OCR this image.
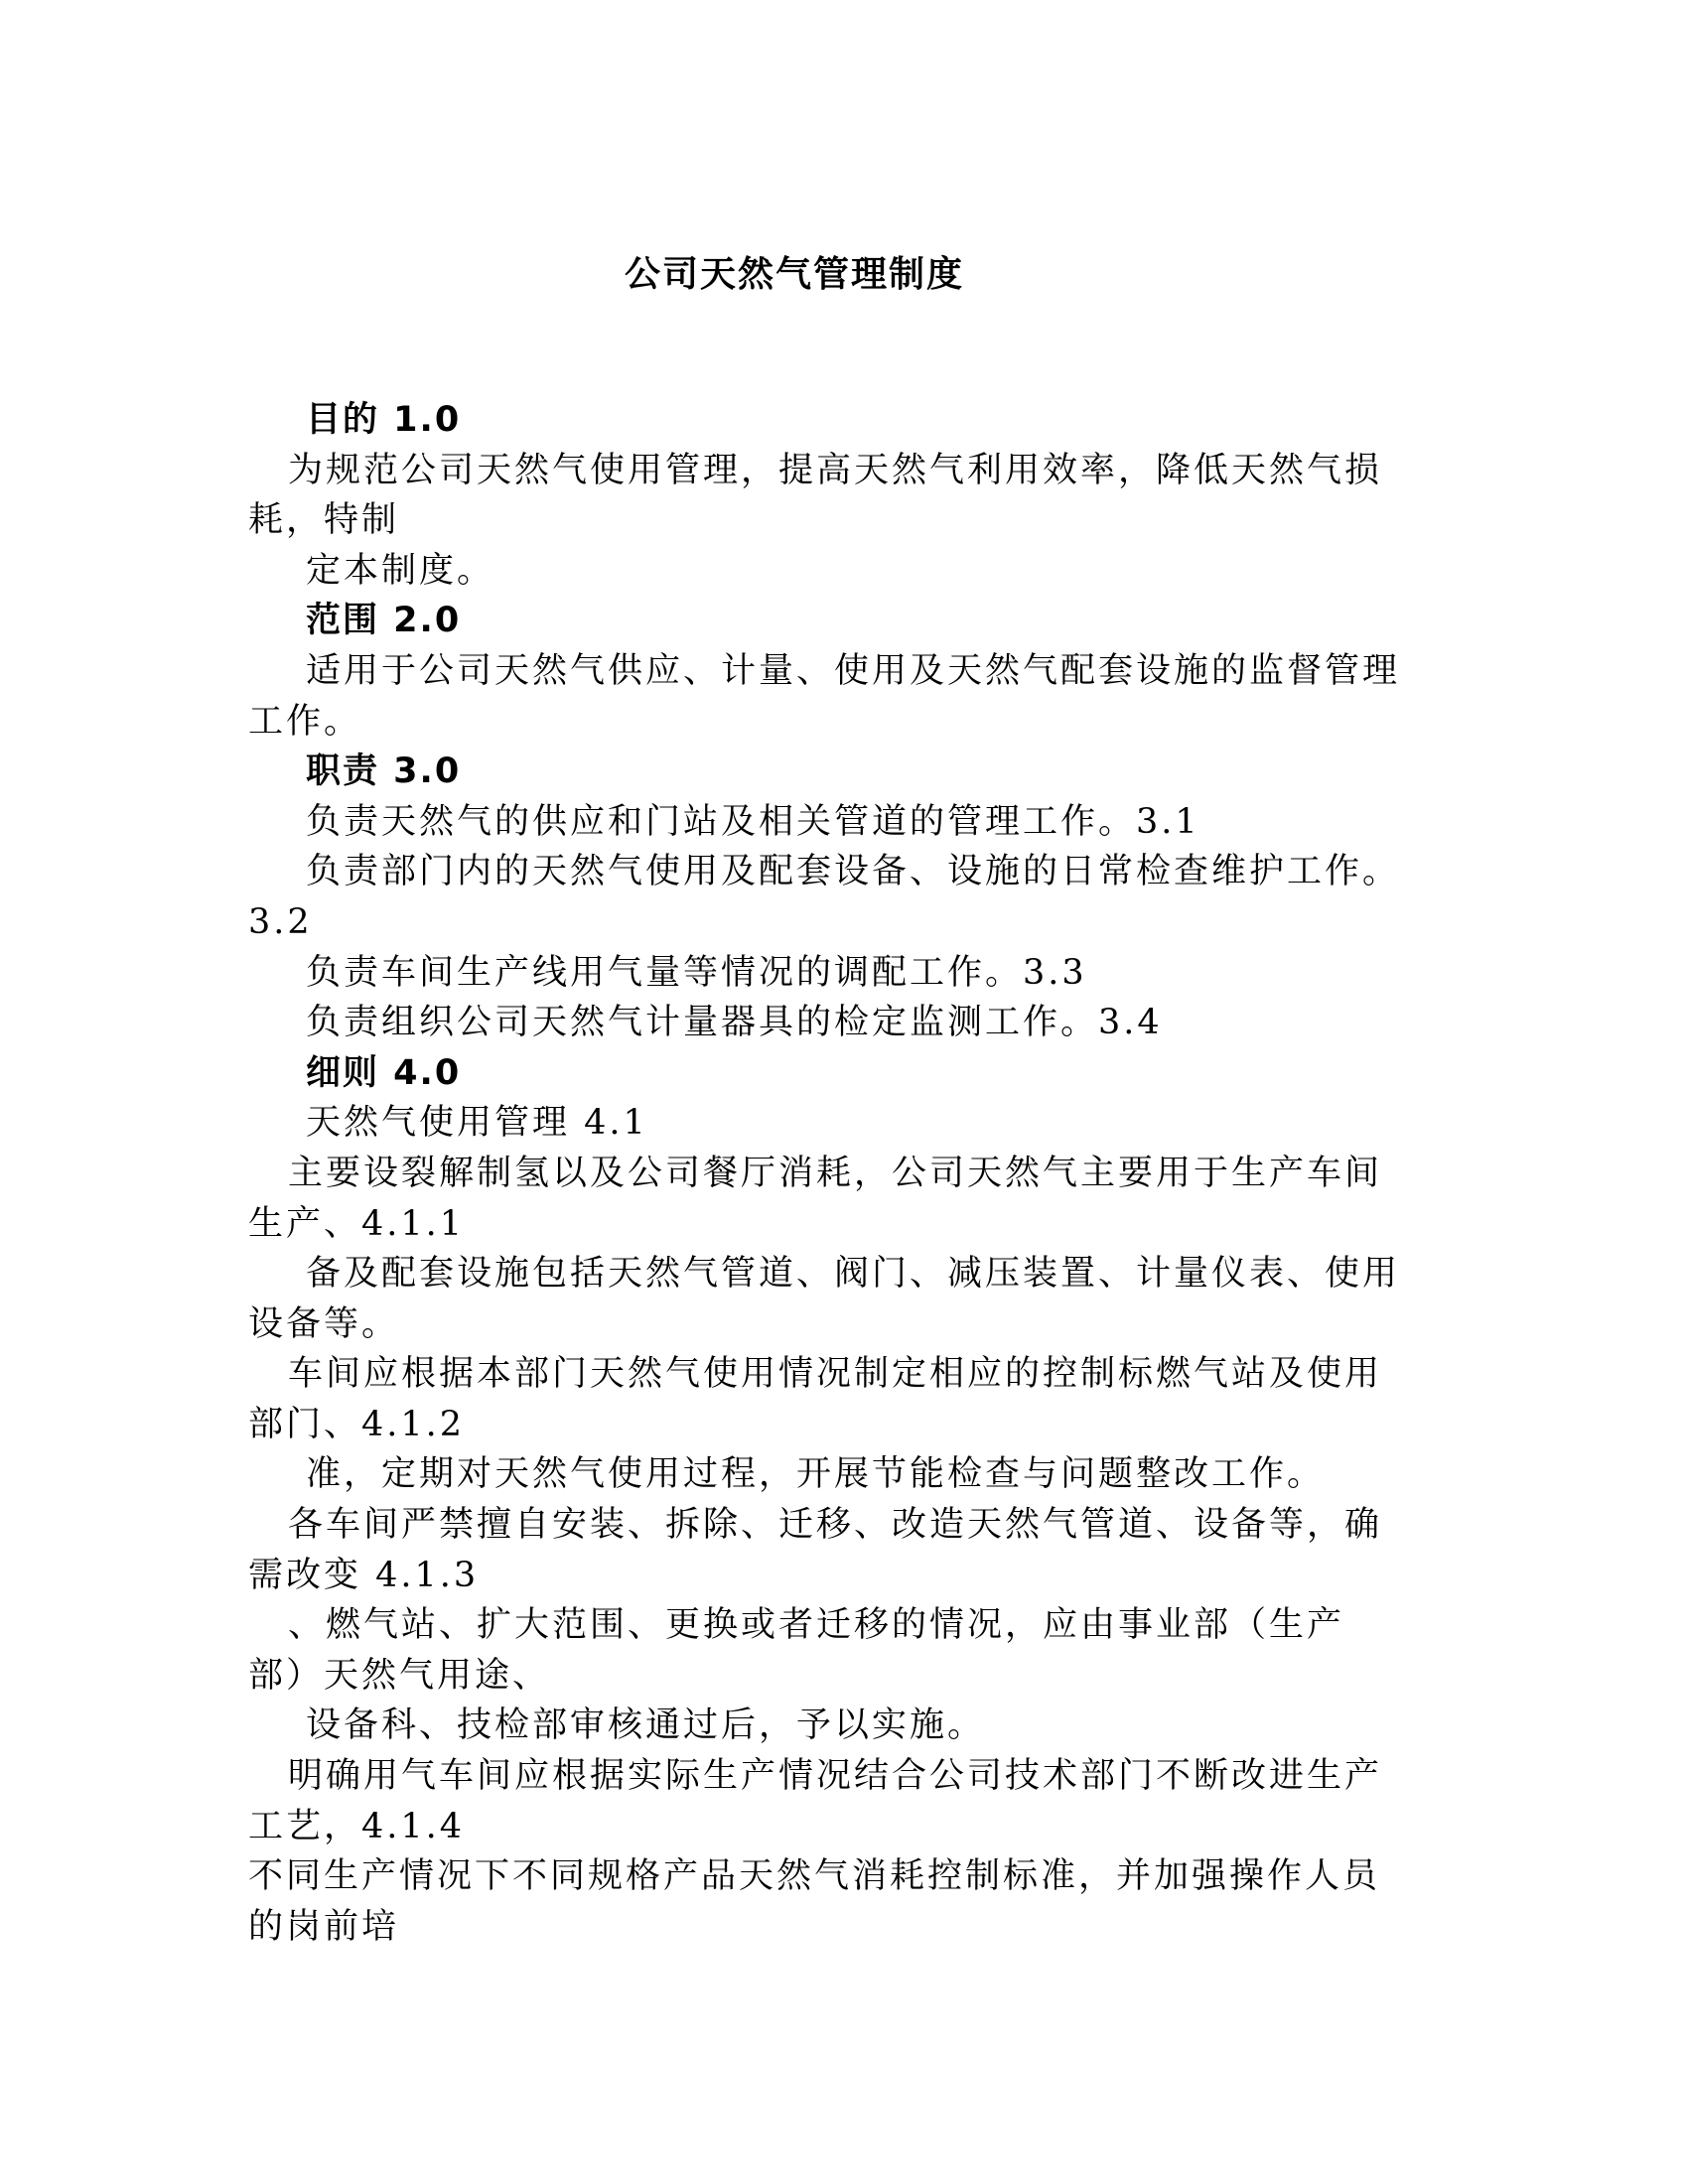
公司天然气管理制度
目的 1.0
为规范公司天然气使用管理，提高天然气利用效率，降低天然气损
耗，特制
定本制度。
范围 2.0
适用于公司天然气供应、计量、使用及天然气配套设施的监督管理
工作。
职责 3.0
负责天然气的供应和门站及相关管道的管理工作。3.1
负责部门内的天然气使用及配套设备、设施的日常检查维护工作。
3.2
负责车间生产线用气量等情况的调配工作。3.3
负责组织公司天然气计量器具的检定监测工作。3.4
细则 4.0
天然气使用管理 4.1
主要设裂解制氢以及公司餐厅消耗，公司天然气主要用于生产车间
生产、4.1.1
备及配套设施包括天然气管道、阀门、减压装置、计量仪表、使用
设备等。
车间应根据本部门天然气使用情况制定相应的控制标燃气站及使用
部门、4.1.2
准，定期对天然气使用过程，开展节能检查与问题整改工作。
各车间严禁擅自安装、拆除、迁移、改造天然气管道、设备等，确
需改变 4.1.3
、燃气站、扩大范围、更换或者迁移的情况，应由事业部（生产
部）天然气用途、
设备科、技检部审核通过后，予以实施。
明确用气车间应根据实际生产情况结合公司技术部门不断改进生产
工艺，4.1.4
不同生产情况下不同规格产品天然气消耗控制标准，并加强操作人员
的岗前培
